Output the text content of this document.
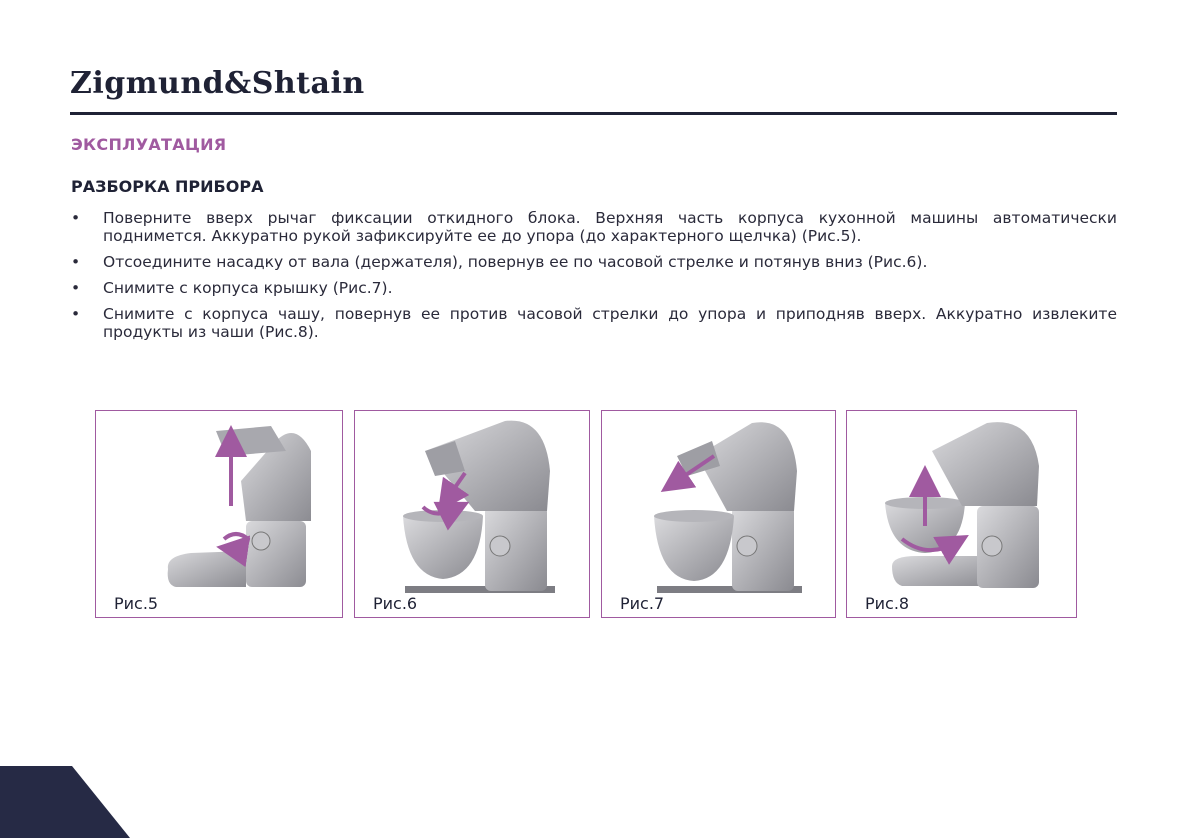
Zigmund&Shtain
ЭКСПЛУАТАЦИЯ
РАЗБОРКА ПРИБОРА
• Поверните вверх рычаг фиксации откидного блока. Верхняя часть корпуса кухонной машины автоматически поднимется. Аккуратно рукой зафиксируйте ее до упора (до характерного щелчка) (Рис.5).
• Отсоедините насадку от вала (держателя), повернув ее по часовой стрелке и потянув вниз (Рис.6).
• Снимите с корпуса крышку (Рис.7).
• Снимите с корпуса чашу, повернув ее против часовой стрелки до упора и приподняв вверх. Аккуратно извлеките продукты из чаши (Рис.8).
Рис.5	Рис.6	Рис.7	Рис.8
